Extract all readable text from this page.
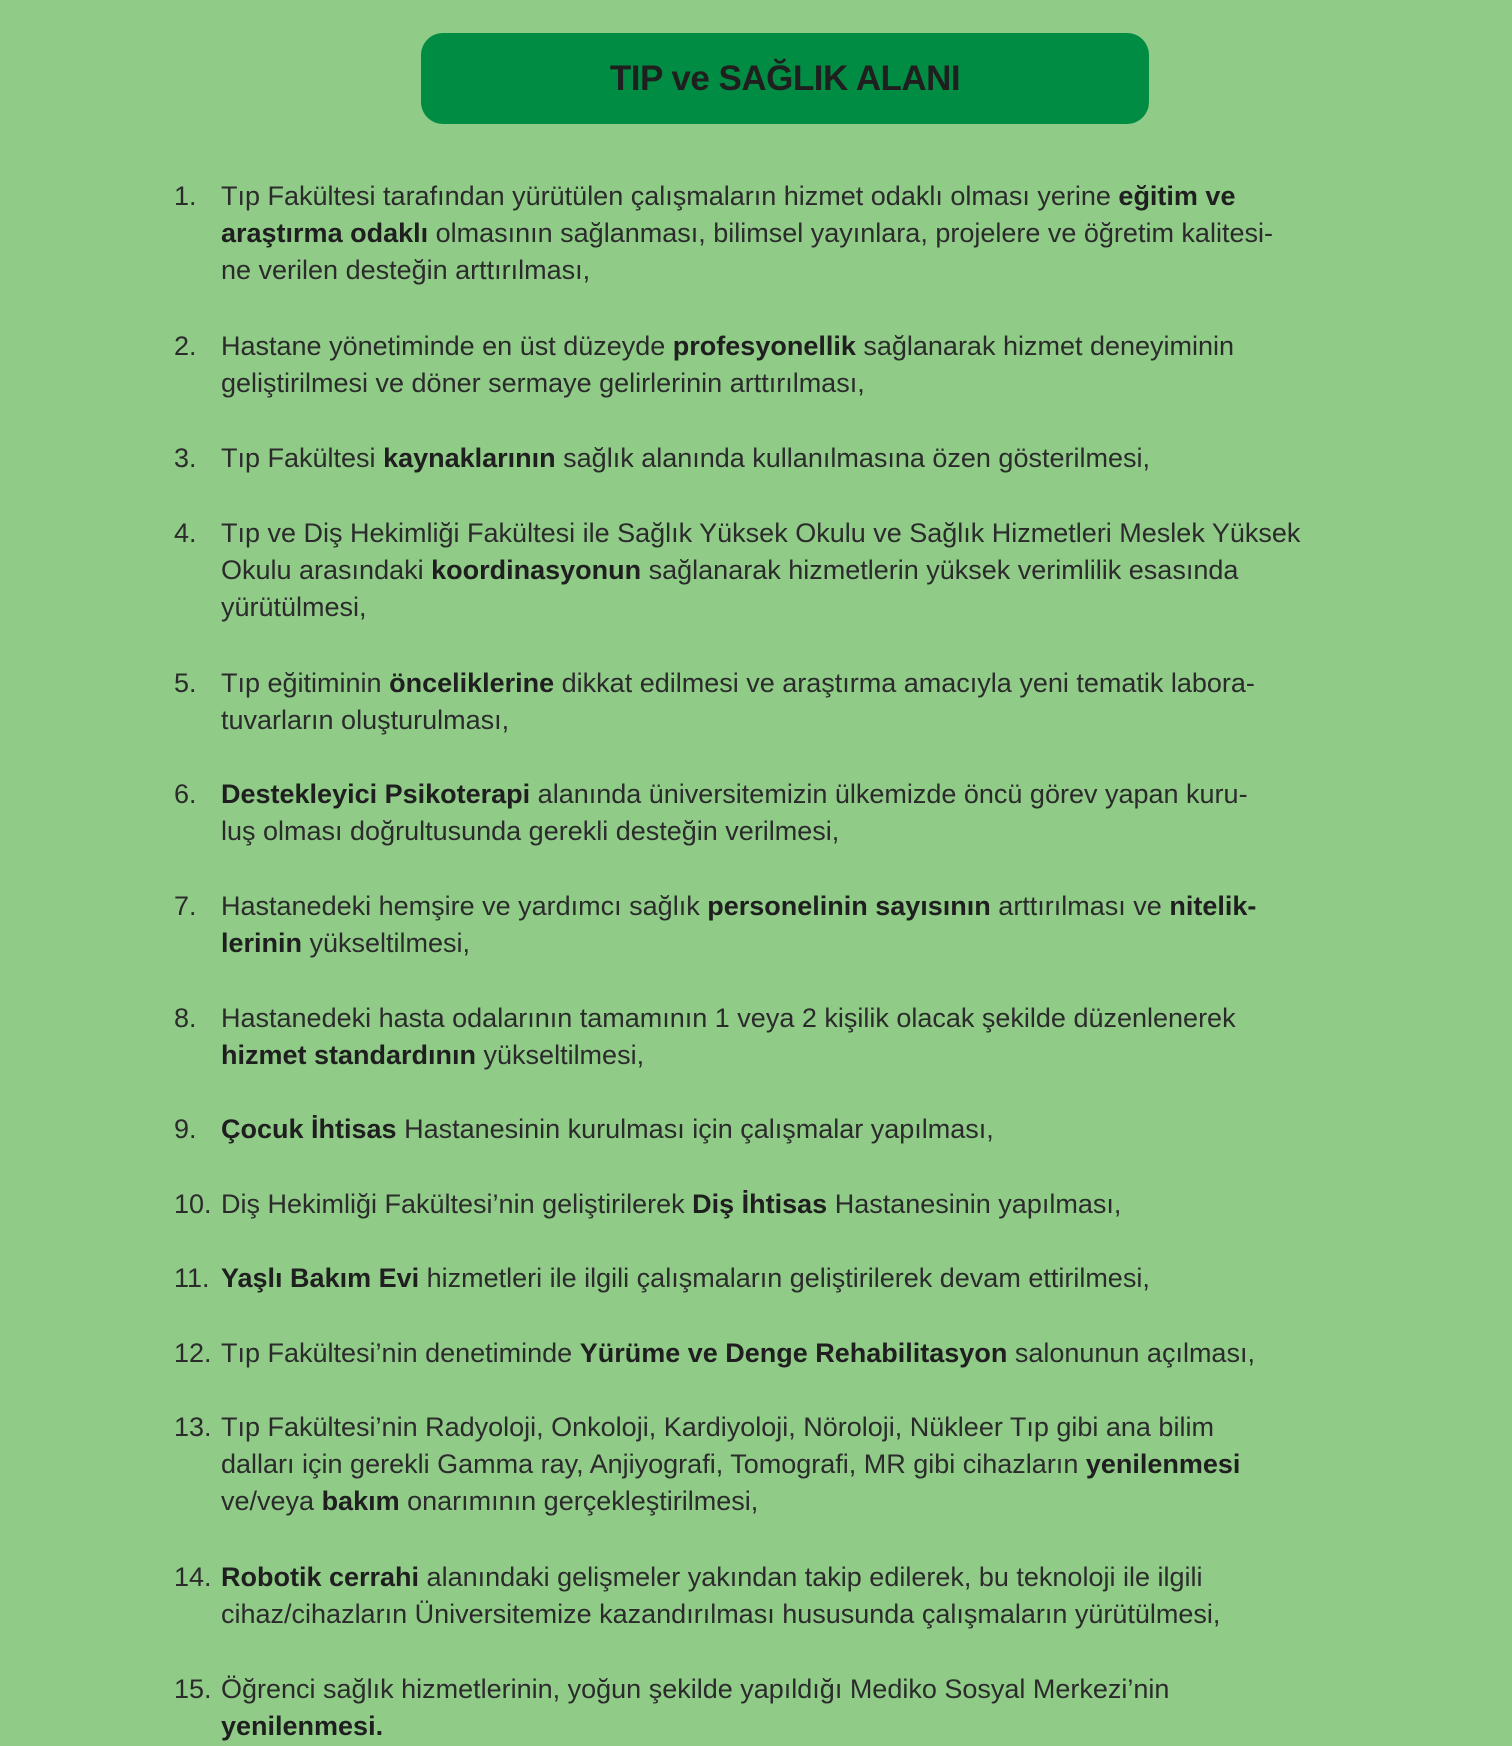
TIP ve SAĞLIK ALANI
1. Tıp Fakültesi tarafından yürütülen çalışmaların hizmet odaklı olması yerine eğitim ve
araştırma odaklı olmasının sağlanması, bilimsel yayınlara, projelere ve öğretim kalitesi-
ne verilen desteğin arttırılması,
2. Hastane yönetiminde en üst düzeyde profesyonellik sağlanarak hizmet deneyiminin
geliştirilmesi ve döner sermaye gelirlerinin arttırılması,
3. Tıp Fakültesi kaynaklarının sağlık alanında kullanılmasına özen gösterilmesi,
4. Tıp ve Diş Hekimliği Fakültesi ile Sağlık Yüksek Okulu ve Sağlık Hizmetleri Meslek Yüksek
Okulu arasındaki koordinasyonun sağlanarak hizmetlerin yüksek verimlilik esasında
yürütülmesi,
5. Tıp eğitiminin önceliklerine dikkat edilmesi ve araştırma amacıyla yeni tematik labora-
tuvarların oluşturulması,
6. Destekleyici Psikoterapi alanında üniversitemizin ülkemizde öncü görev yapan kuru-
luş olması doğrultusunda gerekli desteğin verilmesi,
7. Hastanedeki hemşire ve yardımcı sağlık personelinin sayısının arttırılması ve nitelik-
lerinin yükseltilmesi,
8. Hastanedeki hasta odalarının tamamının 1 veya 2 kişilik olacak şekilde düzenlenerek
hizmet standardının yükseltilmesi,
9. Çocuk İhtisas Hastanesinin kurulması için çalışmalar yapılması,
10. Diş Hekimliği Fakültesi’nin geliştirilerek Diş İhtisas Hastanesinin yapılması,
11. Yaşlı Bakım Evi hizmetleri ile ilgili çalışmaların geliştirilerek devam ettirilmesi,
12. Tıp Fakültesi’nin denetiminde Yürüme ve Denge Rehabilitasyon salonunun açılması,
13. Tıp Fakültesi’nin Radyoloji, Onkoloji, Kardiyoloji, Nöroloji, Nükleer Tıp gibi ana bilim
dalları için gerekli Gamma ray, Anjiyografi, Tomografi, MR gibi cihazların yenilenmesi
ve/veya bakım onarımının gerçekleştirilmesi,
14. Robotik cerrahi alanındaki gelişmeler yakından takip edilerek, bu teknoloji ile ilgili
cihaz/cihazların Üniversitemize kazandırılması hususunda çalışmaların yürütülmesi,
15. Öğrenci sağlık hizmetlerinin, yoğun şekilde yapıldığı Mediko Sosyal Merkezi’nin
yenilenmesi.
